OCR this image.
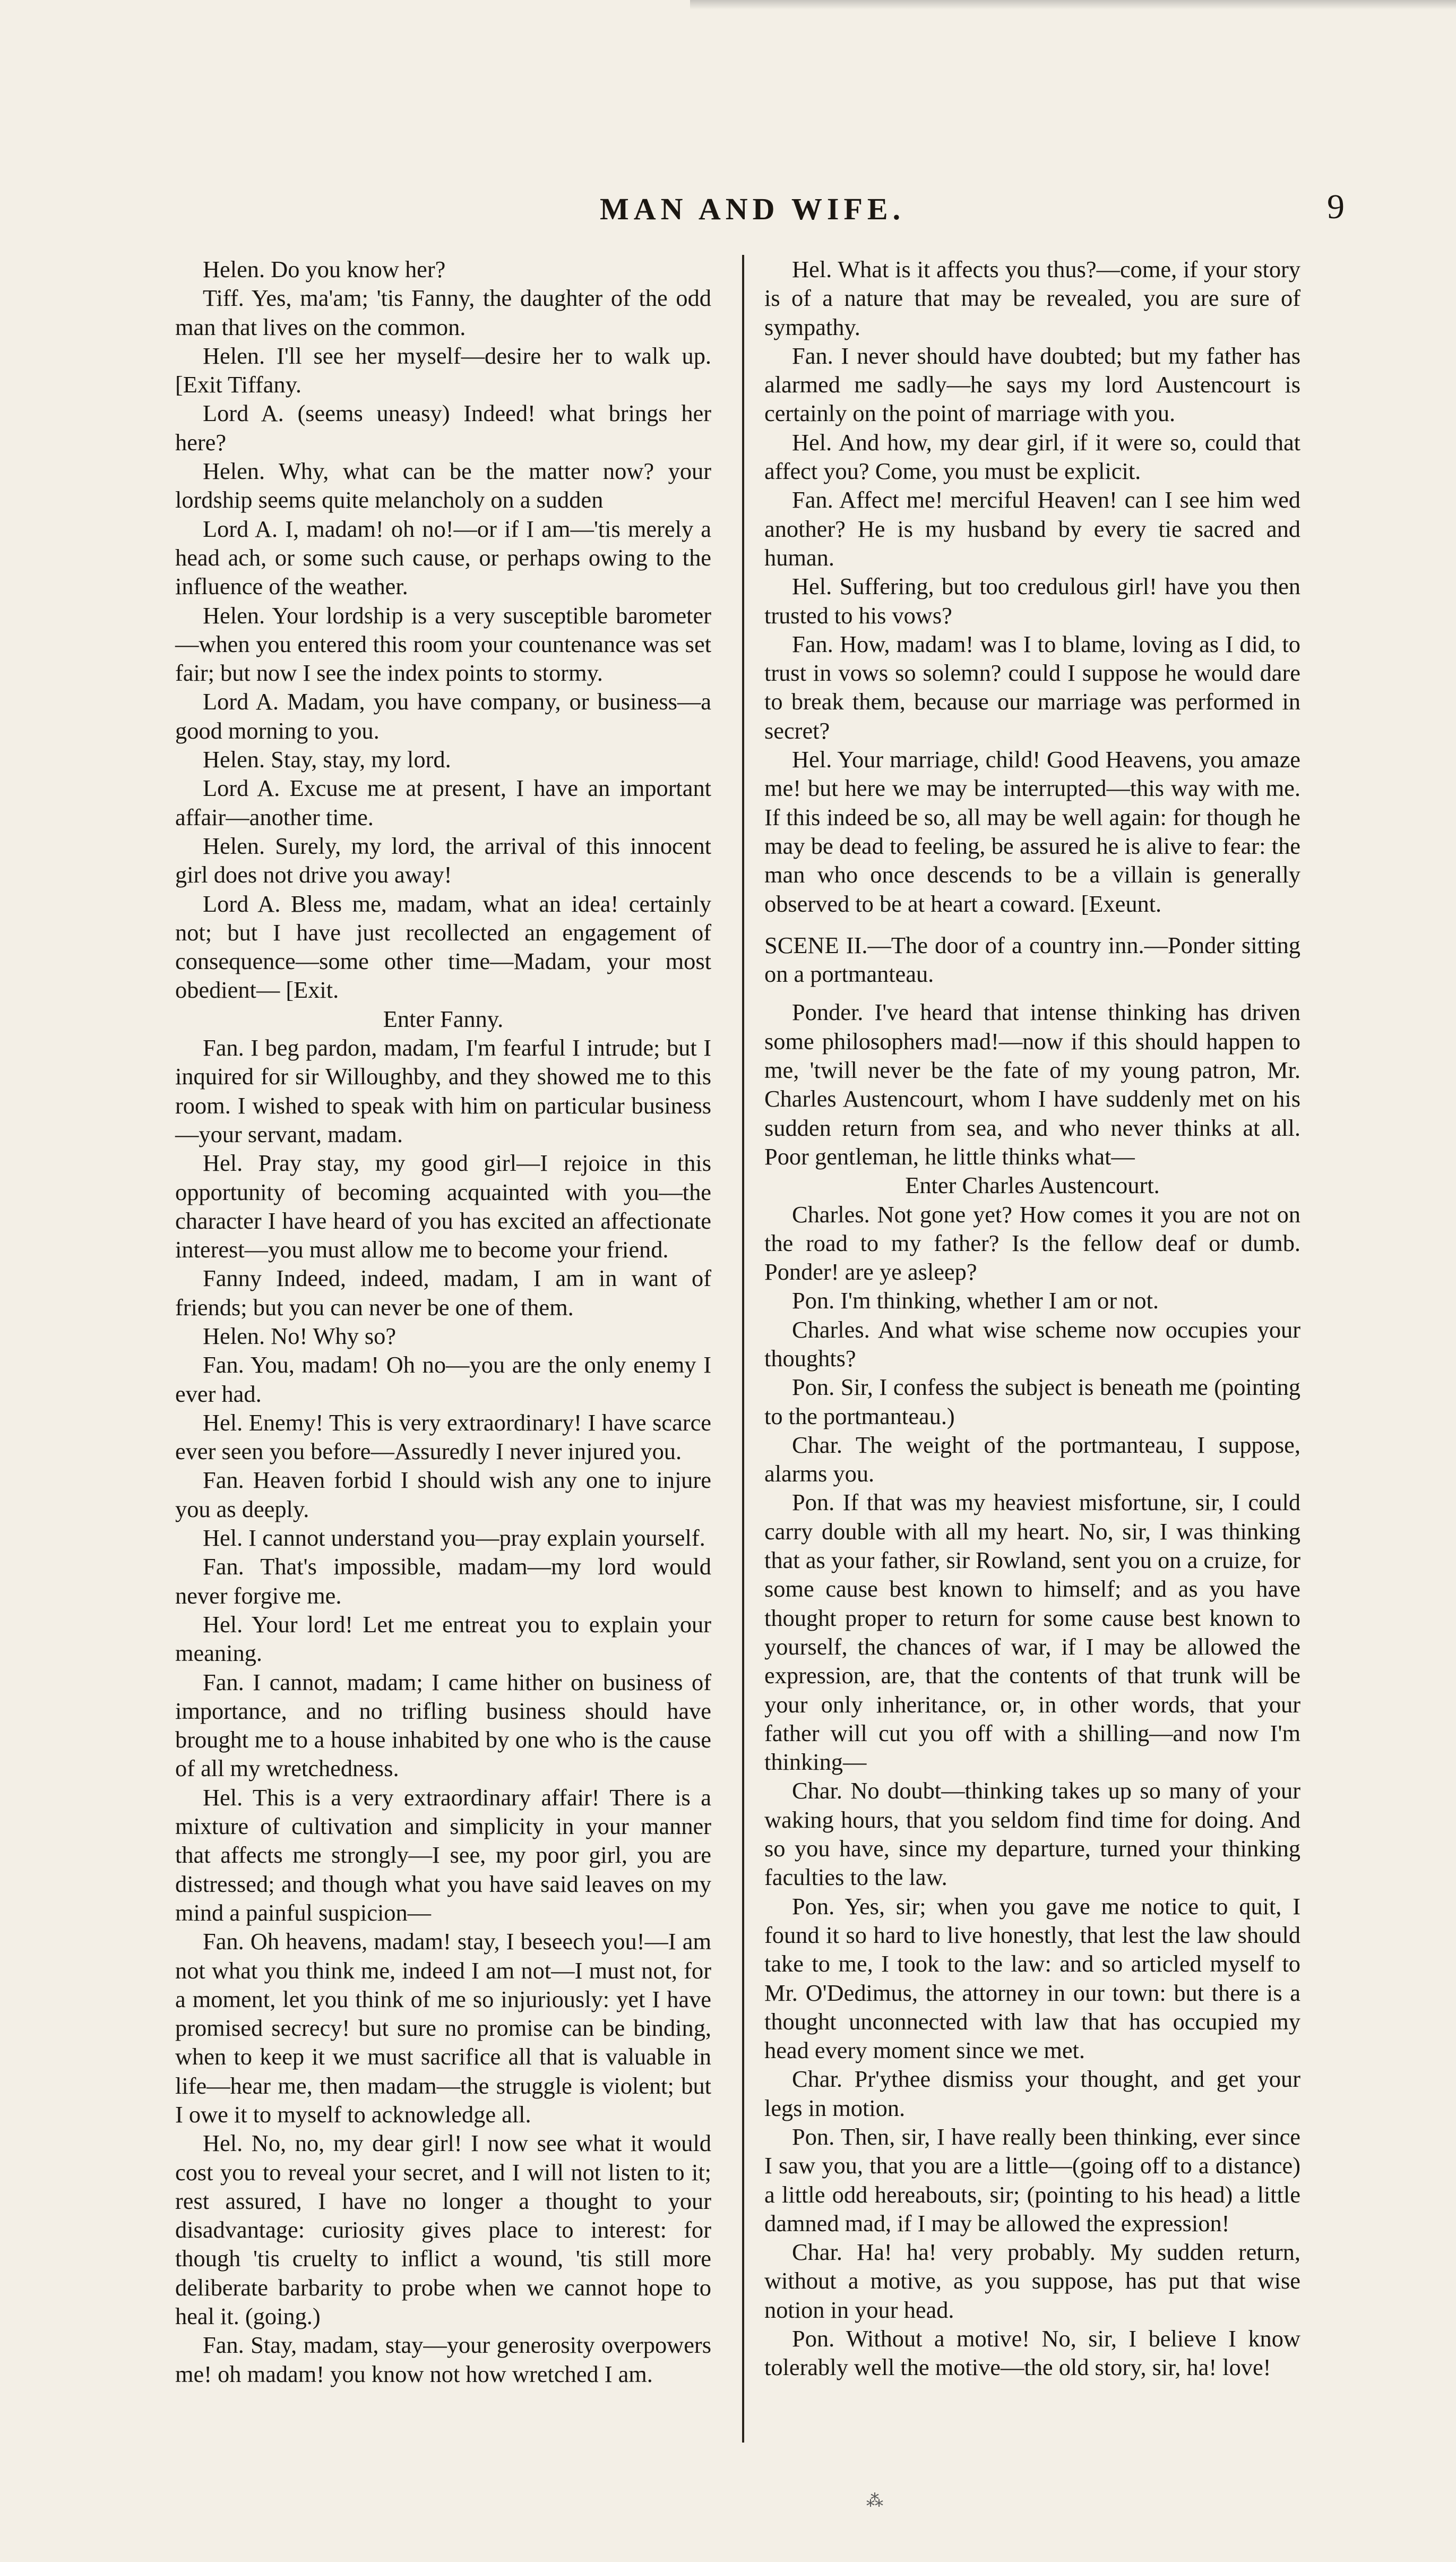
MAN AND WIFE.	9

Helen. Do you know her?

Tiff. Yes, ma'am; 'tis Fanny, the daughter of the odd man that lives on the common.

Helen. I'll see her myself—desire her to walk up. [Exit Tiffany.

Lord A. (seems uneasy) Indeed! what brings her here?

Helen. Why, what can be the matter now? your lordship seems quite melancholy on a sudden

Lord A. I, madam! oh no!—or if I am—'tis merely a head ach, or some such cause, or perhaps owing to the influence of the weather.

Helen. Your lordship is a very susceptible barometer—when you entered this room your countenance was set fair; but now I see the index points to stormy.

Lord A. Madam, you have company, or business—a good morning to you.

Helen. Stay, stay, my lord.

Lord A. Excuse me at present, I have an important affair—another time.

Helen. Surely, my lord, the arrival of this innocent girl does not drive you away!

Lord A. Bless me, madam, what an idea! certainly not; but I have just recollected an engagement of consequence—some other time—Madam, your most obedient— [Exit.

Enter Fanny.

Fan. I beg pardon, madam, I'm fearful I intrude; but I inquired for sir Willoughby, and they showed me to this room. I wished to speak with him on particular business—your servant, madam.

Hel. Pray stay, my good girl—I rejoice in this opportunity of becoming acquainted with you—the character I have heard of you has excited an affectionate interest—you must allow me to become your friend.

Fanny Indeed, indeed, madam, I am in want of friends; but you can never be one of them.

Helen. No! Why so?

Fan. You, madam! Oh no—you are the only enemy I ever had.

Hel. Enemy! This is very extraordinary! I have scarce ever seen you before—Assuredly I never injured you.

Fan. Heaven forbid I should wish any one to injure you as deeply.

Hel. I cannot understand you—pray explain yourself.

Fan. That's impossible, madam—my lord would never forgive me.

Hel. Your lord! Let me entreat you to explain your meaning.

Fan. I cannot, madam; I came hither on business of importance, and no trifling business should have brought me to a house inhabited by one who is the cause of all my wretchedness.

Hel. This is a very extraordinary affair! There is a mixture of cultivation and simplicity in your manner that affects me strongly—I see, my poor girl, you are distressed; and though what you have said leaves on my mind a painful suspicion—

Fan. Oh heavens, madam! stay, I beseech you!—I am not what you think me, indeed I am not—I must not, for a moment, let you think of me so injuriously: yet I have promised secrecy! but sure no promise can be binding, when to keep it we must sacrifice all that is valuable in life—hear me, then madam—the struggle is violent; but I owe it to myself to acknowledge all.

Hel. No, no, my dear girl! I now see what it would cost you to reveal your secret, and I will not listen to it; rest assured, I have no longer a thought to your disadvantage: curiosity gives place to interest: for though 'tis cruelty to inflict a wound, 'tis still more deliberate barbarity to probe when we cannot hope to heal it. (going.)

Fan. Stay, madam, stay—your generosity overpowers me! oh madam! you know not how wretched I am.

Hel. What is it affects you thus?—come, if your story is of a nature that may be revealed, you are sure of sympathy.

Fan. I never should have doubted; but my father has alarmed me sadly—he says my lord Austencourt is certainly on the point of marriage with you.

Hel. And how, my dear girl, if it were so, could that affect you? Come, you must be explicit.

Fan. Affect me! merciful Heaven! can I see him wed another? He is my husband by every tie sacred and human.

Hel. Suffering, but too credulous girl! have you then trusted to his vows?

Fan. How, madam! was I to blame, loving as I did, to trust in vows so solemn? could I suppose he would dare to break them, because our marriage was performed in secret?

Hel. Your marriage, child! Good Heavens, you amaze me! but here we may be interrupted—this way with me. If this indeed be so, all may be well again: for though he may be dead to feeling, be assured he is alive to fear: the man who once descends to be a villain is generally observed to be at heart a coward. [Exeunt.

SCENE II.—The door of a country inn.—Ponder sitting on a portmanteau.

Ponder. I've heard that intense thinking has driven some philosophers mad!—now if this should happen to me, 'twill never be the fate of my young patron, Mr. Charles Austencourt, whom I have suddenly met on his sudden return from sea, and who never thinks at all. Poor gentleman, he little thinks what—

Enter Charles Austencourt.

Charles. Not gone yet? How comes it you are not on the road to my father? Is the fellow deaf or dumb. Ponder! are ye asleep?

Pon. I'm thinking, whether I am or not.

Charles. And what wise scheme now occupies your thoughts?

Pon. Sir, I confess the subject is beneath me (pointing to the portmanteau.)

Char. The weight of the portmanteau, I suppose, alarms you.

Pon. If that was my heaviest misfortune, sir, I could carry double with all my heart. No, sir, I was thinking that as your father, sir Rowland, sent you on a cruize, for some cause best known to himself; and as you have thought proper to return for some cause best known to yourself, the chances of war, if I may be allowed the expression, are, that the contents of that trunk will be your only inheritance, or, in other words, that your father will cut you off with a shilling—and now I'm thinking—

Char. No doubt—thinking takes up so many of your waking hours, that you seldom find time for doing. And so you have, since my departure, turned your thinking faculties to the law.

Pon. Yes, sir; when you gave me notice to quit, I found it so hard to live honestly, that lest the law should take to me, I took to the law: and so articled myself to Mr. O'Dedimus, the attorney in our town: but there is a thought unconnected with law that has occupied my head every moment since we met.

Char. Pr'ythee dismiss your thought, and get your legs in motion.

Pon. Then, sir, I have really been thinking, ever since I saw you, that you are a little—(going off to a distance) a little odd hereabouts, sir; (pointing to his head) a little damned mad, if I may be allowed the expression!

Char. Ha! ha! very probably. My sudden return, without a motive, as you suppose, has put that wise notion in your head.

Pon. Without a motive! No, sir, I believe I know tolerably well the motive—the old story, sir, ha! love!

⁂
